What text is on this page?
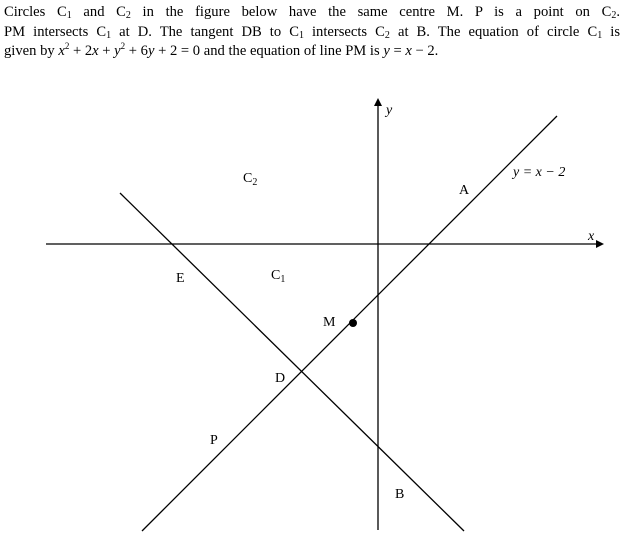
Circles $C_1$ and $C_2$ in the figure below have the same centre M. P is a point on $C_2$.
PM intersects $C_1$ at D. The tangent DB to $C_1$ intersects $C_2$ at B. The equation of circle $C_1$ is
given by $x^2 + 2x + y^2 + 6y + 2 = 0$ and the equation of line PM is y = x − 2.

x
y
y = x − 2
A
E
M
D
P
B
$C_2$
$C_1$
